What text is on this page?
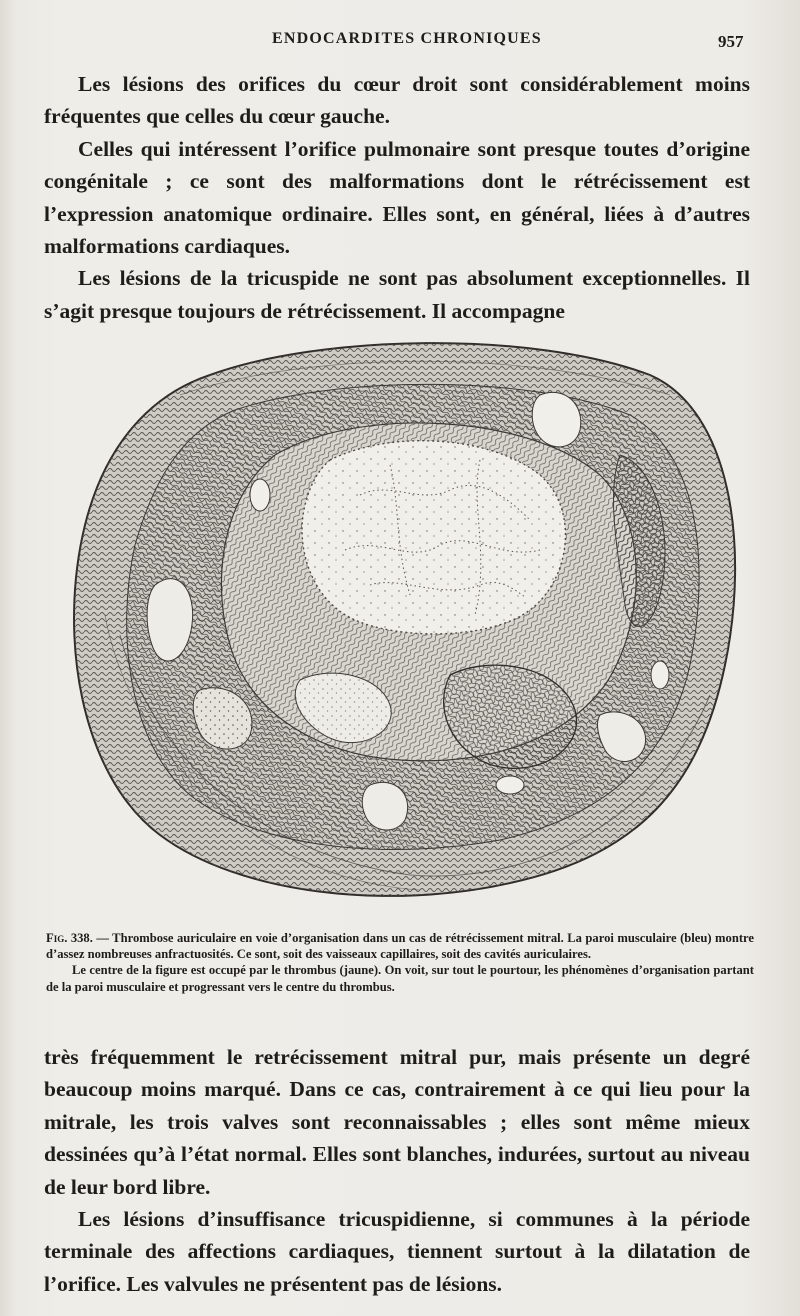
ENDOCARDITES CHRONIQUES	957

Les lésions des orifices du cœur droit sont considérablement moins fréquentes que celles du cœur gauche.

Celles qui intéressent l’orifice pulmonaire sont presque toutes d’origine congénitale ; ce sont des malformations dont le rétrécissement est l’expression anatomique ordinaire. Elles sont, en général, liées à d’autres malformations cardiaques.

Les lésions de la tricuspide ne sont pas absolument exceptionnelles. Il s’agit presque toujours de rétrécissement. Il accompagne

Fig. 338. — Thrombose auriculaire en voie d’organisation dans un cas de rétrécissement mitral. La paroi musculaire (bleu) montre d’assez nombreuses anfractuosités. Ce sont, soit des vaisseaux capillaires, soit des cavités auriculaires.

Le centre de la figure est occupé par le thrombus (jaune). On voit, sur tout le pourtour, les phénomènes d’organisation partant de la paroi musculaire et progressant vers le centre du thrombus.

très fréquemment le retrécissement mitral pur, mais présente un degré beaucoup moins marqué. Dans ce cas, contrairement à ce qui lieu pour la mitrale, les trois valves sont reconnaissables ; elles sont même mieux dessinées qu’à l’état normal. Elles sont blanches, indurées, surtout au niveau de leur bord libre.

Les lésions d’insuffisance tricuspidienne, si communes à la période terminale des affections cardiaques, tiennent surtout à la dilatation de l’orifice. Les valvules ne présentent pas de lésions.
